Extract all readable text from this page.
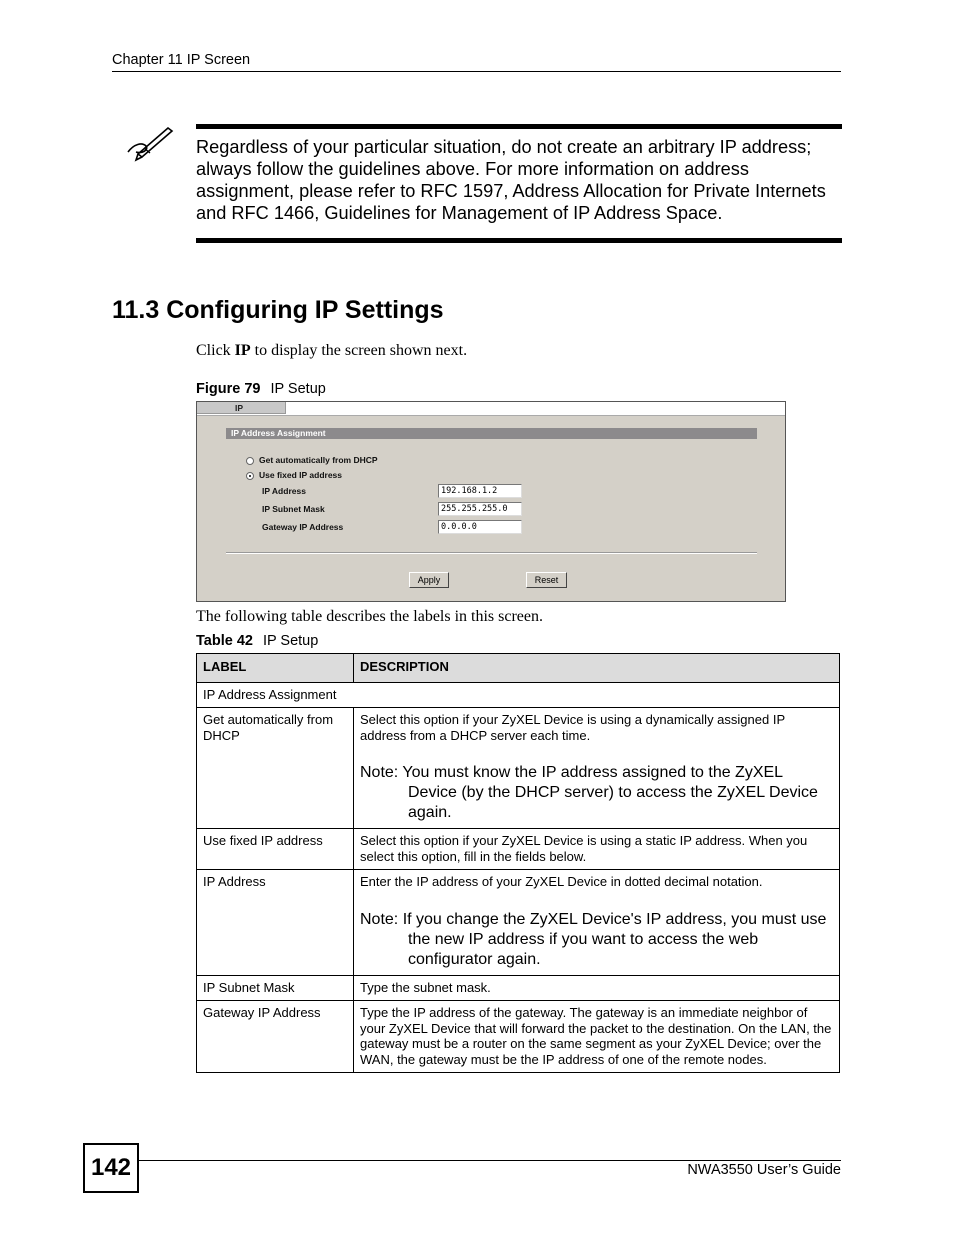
Chapter 11 IP Screen
Regardless of your particular situation, do not create an arbitrary IP address; always follow the guidelines above. For more information on address assignment, please refer to RFC 1597, Address Allocation for Private Internets and RFC 1466, Guidelines for Management of IP Address Space.
11.3 Configuring IP Settings
Click IP to display the screen shown next.
Figure 79 IP Setup
IP
IP Address Assignment
Get automatically from DHCP
Use fixed IP address
IP Address	192.168.1.2
IP Subnet Mask	255.255.255.0
Gateway IP Address	0.0.0.0
Apply	Reset
The following table describes the labels in this screen.
Table 42 IP Setup
LABEL	DESCRIPTION
IP Address Assignment	
Get automatically from DHCP	Select this option if your ZyXEL Device is using a dynamically assigned IP address from a DHCP server each time.
Note: You must know the IP address assigned to the ZyXEL Device (by the DHCP server) to access the ZyXEL Device again.

Use fixed IP address	Select this option if your ZyXEL Device is using a static IP address. When you select this option, fill in the fields below.

IP Address	Enter the IP address of your ZyXEL Device in dotted decimal notation.
Note: If you change the ZyXEL Device's IP address, you must use the new IP address if you want to access the web configurator again.

IP Subnet Mask	Type the subnet mask.

Gateway IP Address	Type the IP address of the gateway. The gateway is an immediate neighbor of your ZyXEL Device that will forward the packet to the destination. On the LAN, the gateway must be a router on the same segment as your ZyXEL Device; over the WAN, the gateway must be the IP address of one of the remote nodes.
142	NWA3550 User’s Guide
